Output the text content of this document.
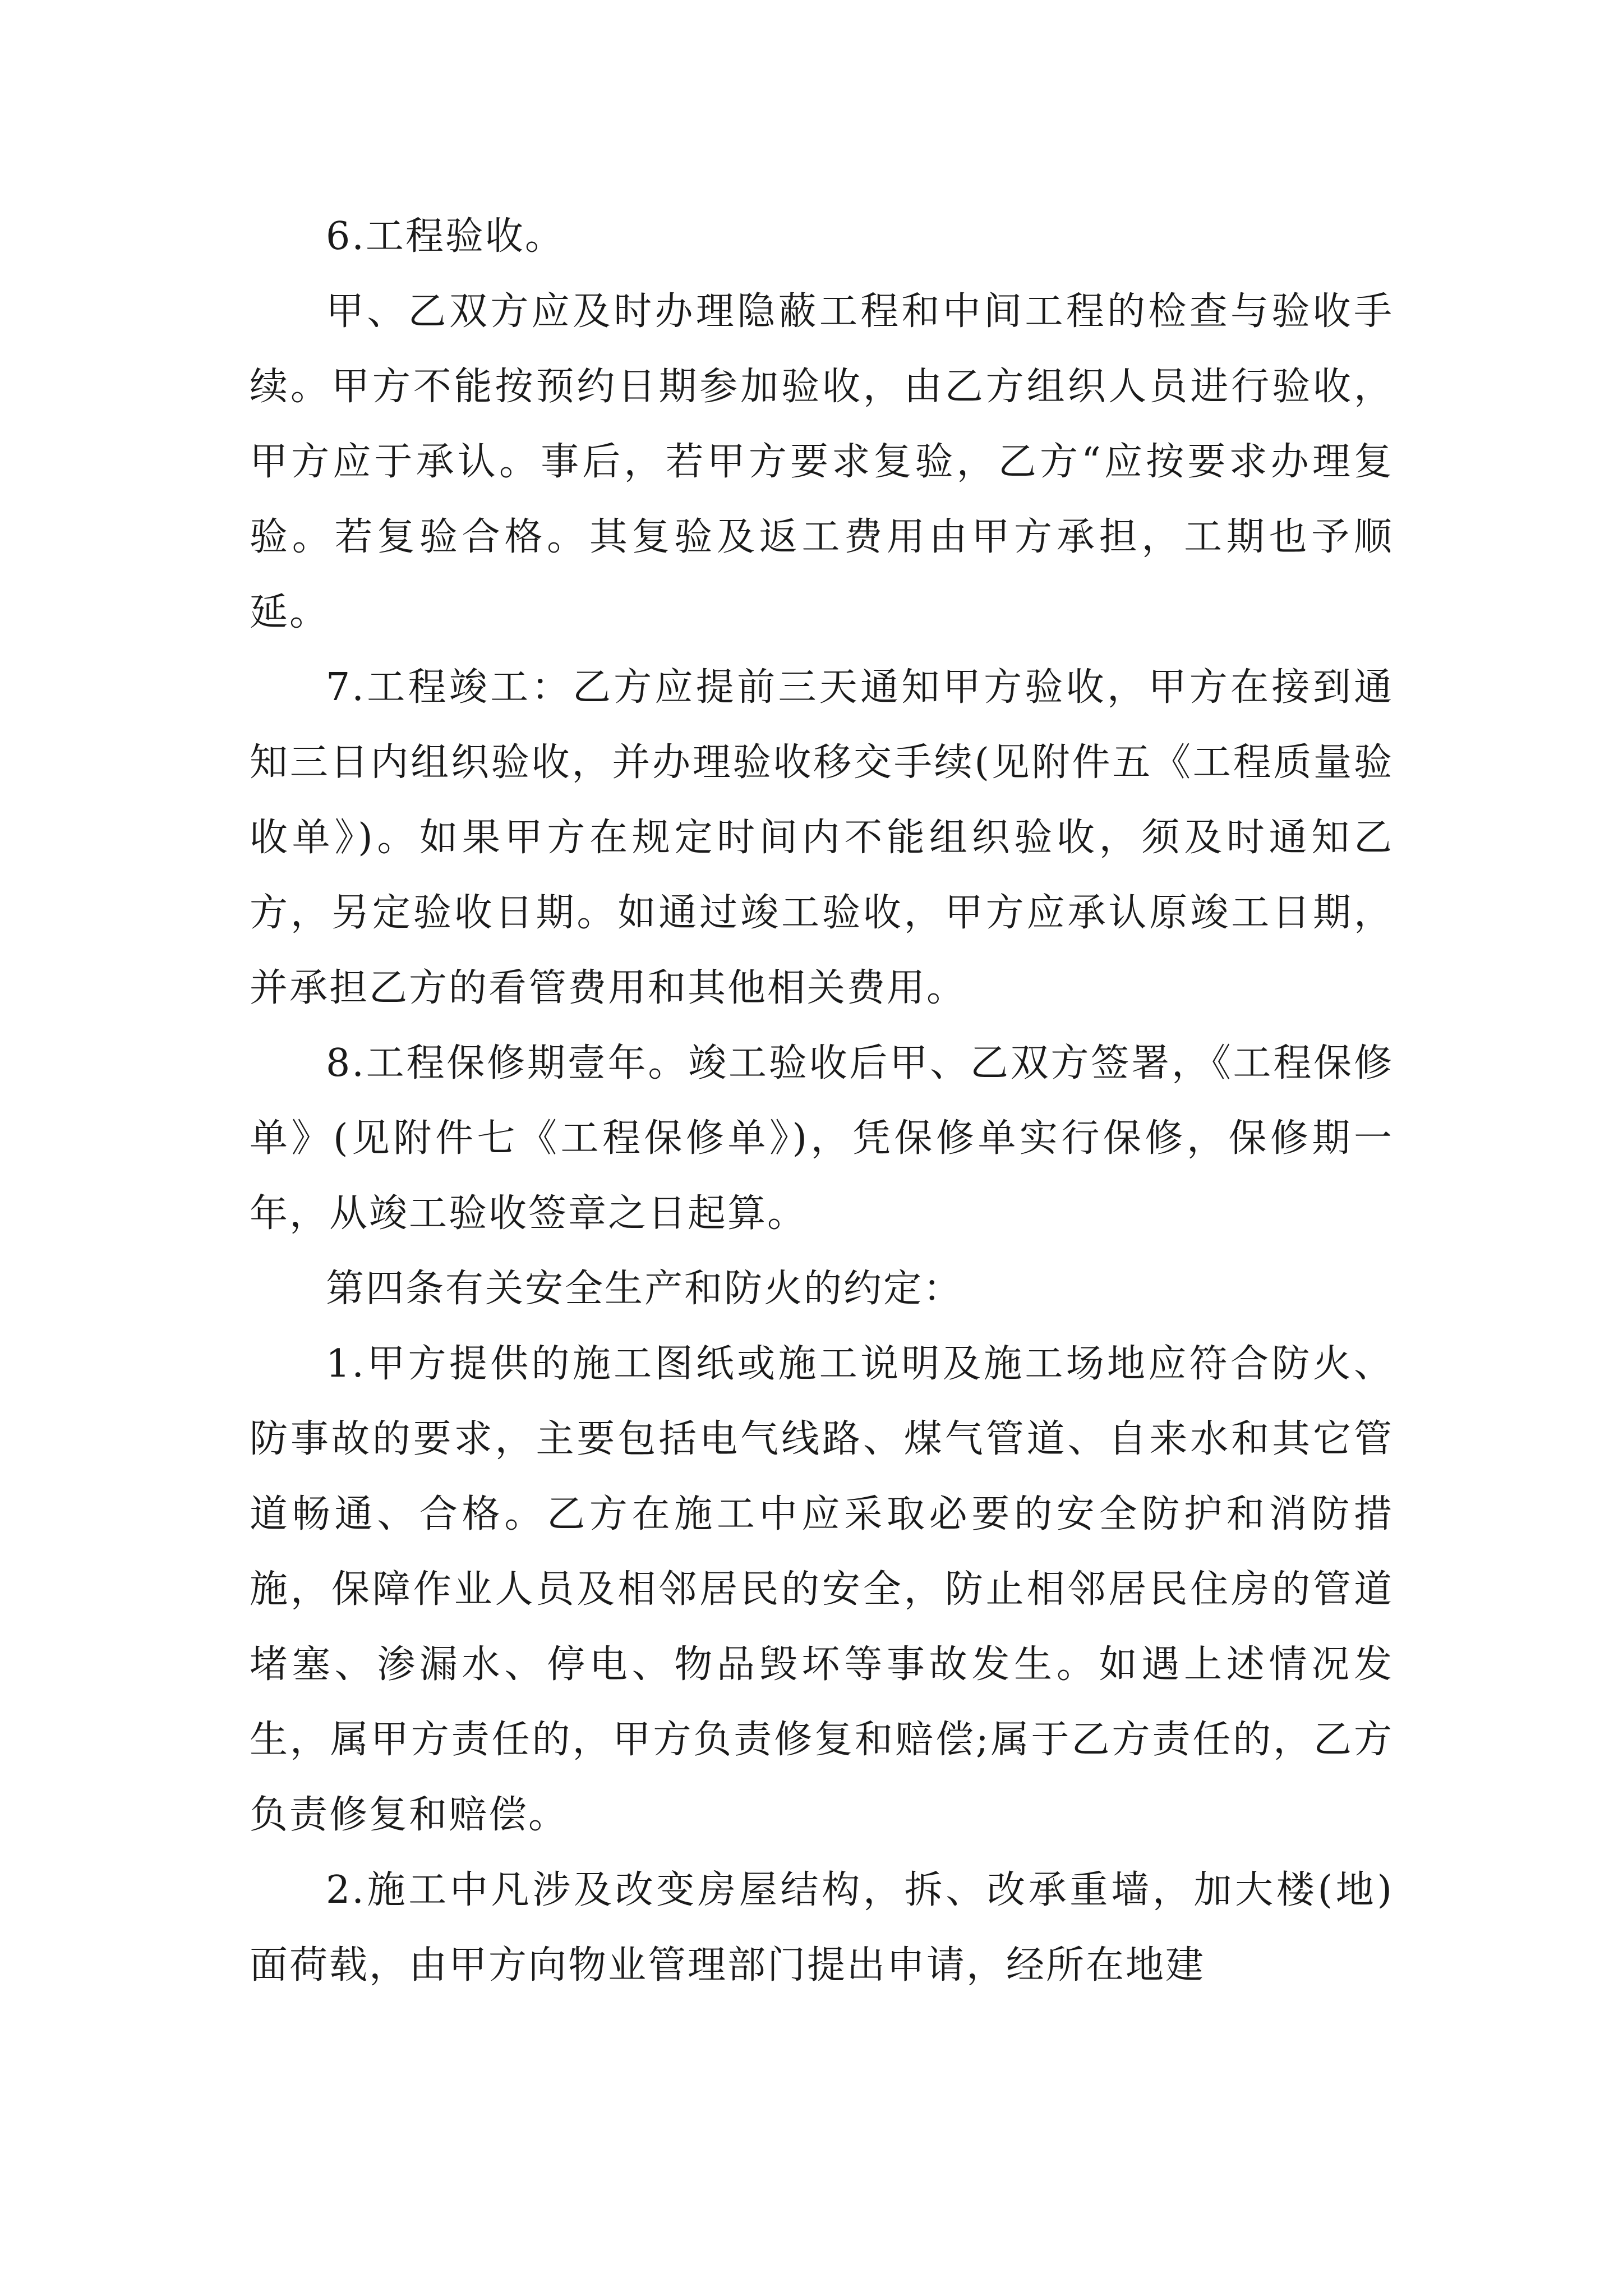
6.工程验收。

甲、乙双方应及时办理隐蔽工程和中间工程的检查与验收手续。甲方不能按预约日期参加验收，由乙方组织人员进行验收，甲方应于承认。事后，若甲方要求复验，乙方“应按要求办理复验。若复验合格。其复验及返工费用由甲方承担，工期也予顺延。

7.工程竣工：乙方应提前三天通知甲方验收，甲方在接到通知三日内组织验收，并办理验收移交手续(见附件五《工程质量验收单》)。如果甲方在规定时间内不能组织验收，须及时通知乙方，另定验收日期。如通过竣工验收，甲方应承认原竣工日期，并承担乙方的看管费用和其他相关费用。

8.工程保修期壹年。竣工验收后甲、乙双方签署，《工程保修单》(见附件七《工程保修单》)，凭保修单实行保修，保修期一年，从竣工验收签章之日起算。

第四条有关安全生产和防火的约定：

1.甲方提供的施工图纸或施工说明及施工场地应符合防火、防事故的要求，主要包括电气线路、煤气管道、自来水和其它管道畅通、合格。乙方在施工中应采取必要的安全防护和消防措施，保障作业人员及相邻居民的安全，防止相邻居民住房的管道堵塞、渗漏水、停电、物品毁坏等事故发生。如遇上述情况发生，属甲方责任的，甲方负责修复和赔偿;属于乙方责任的，乙方负责修复和赔偿。

2.施工中凡涉及改变房屋结构，拆、改承重墙，加大楼(地)面荷载，由甲方向物业管理部门提出申请，经所在地建
